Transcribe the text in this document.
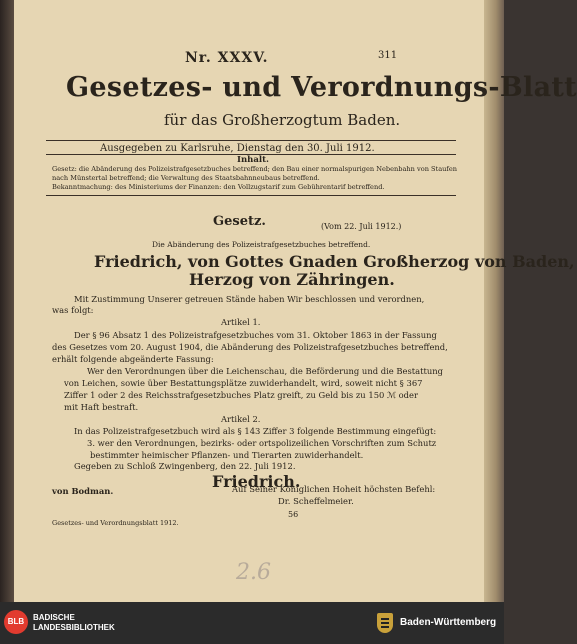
Nr. XXXV.	311
Gesetzes- und Verordnungs-Blatt
für das Großherzogtum Baden.
Ausgegeben zu Karlsruhe, Dienstag den 30. Juli 1912.
Inhalt.
Gesetz: die Abänderung des Polizeistrafgesetzbuches betreffend; den Bau einer normalspurigen Nebenbahn von Staufen
nach Münstertal betreffend; die Verwaltung des Staatsbahnneubaus betreffend.
Bekanntmachung: des Ministeriums der Finanzen: den Vollzugstarif zum Gebührentarif betreffend.
Gesetz.	(Vom 22. Juli 1912.)
Die Abänderung des Polizeistrafgesetzbuches betreffend.
Friedrich, von Gottes Gnaden Großherzog von Baden,
Herzog von Zähringen.
Mit Zustimmung Unserer getreuen Stände haben Wir beschlossen und verordnen,
was folgt:
Artikel 1.
Der § 96 Absatz 1 des Polizeistrafgesetzbuches vom 31. Oktober 1863 in der Fassung
des Gesetzes vom 20. August 1904, die Abänderung des Polizeistrafgesetzbuches betreffend,
erhält folgende abgeänderte Fassung:
Wer den Verordnungen über die Leichenschau, die Beförderung und die Bestattung
von Leichen, sowie über Bestattungsplätze zuwiderhandelt, wird, soweit nicht § 367
Ziffer 1 oder 2 des Reichsstrafgesetzbuches Platz greift, zu Geld bis zu 150 ℳ oder
mit Haft bestraft.
Artikel 2.
In das Polizeistrafgesetzbuch wird als § 143 Ziffer 3 folgende Bestimmung eingefügt:
3. wer den Verordnungen, bezirks- oder ortspolizeilichen Vorschriften zum Schutz
bestimmter heimischer Pflanzen- und Tierarten zuwiderhandelt.
Gegeben zu Schloß Zwingenberg, den 22. Juli 1912.
Friedrich.
von Bodman.	Auf Seiner Königlichen Hoheit höchsten Befehl:
Dr. Scheffelmeier.
56
Gesetzes- und Verordnungsblatt 1912.
2.6
BLB	BADISCHE
LANDESBIBLIOTHEK	Baden-Württemberg
